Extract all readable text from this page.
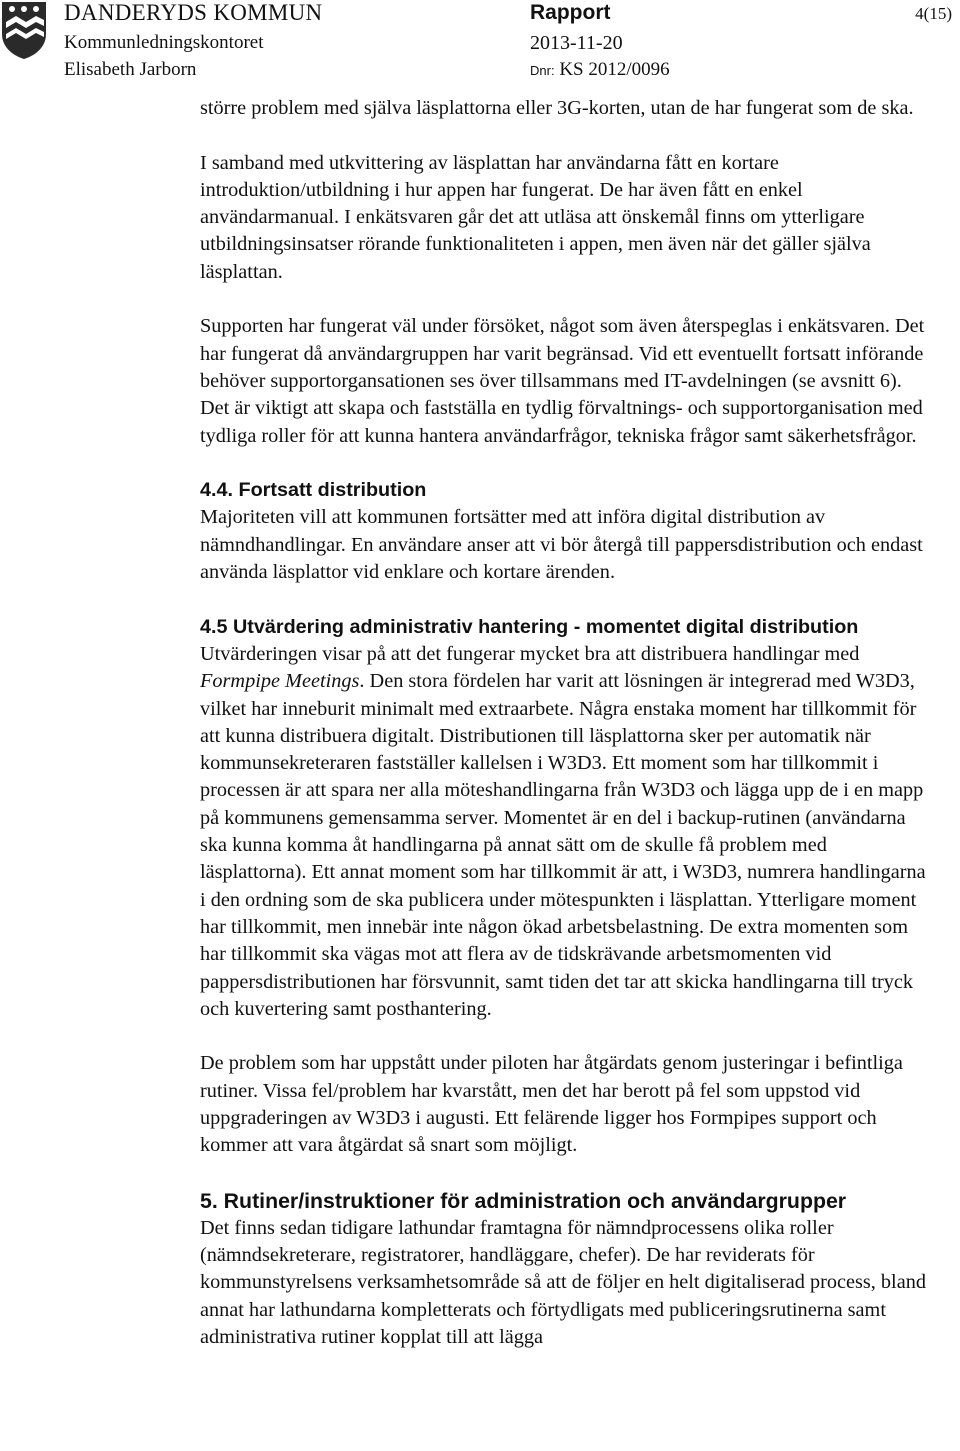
DANDERYDS KOMMUN
Kommunledningskontoret
Elisabeth Jarborn
Rapport
2013-11-20
Dnr: KS 2012/0096
4(15)

större problem med själva läsplattorna eller 3G-korten, utan de har fungerat som de ska.

I samband med utkvittering av läsplattan har användarna fått en kortare introduktion/utbildning i hur appen har fungerat. De har även fått en enkel användarmanual. I enkätsvaren går det att utläsa att önskemål finns om ytterligare utbildningsinsatser rörande funktionaliteten i appen, men även när det gäller själva läsplattan.

Supporten har fungerat väl under försöket, något som även återspeglas i enkätsvaren. Det har fungerat då användargruppen har varit begränsad. Vid ett eventuellt fortsatt införande behöver supportorgansationen ses över tillsammans med IT-avdelningen (se avsnitt 6). Det är viktigt att skapa och fastställa en tydlig förvaltnings- och supportorganisation med tydliga roller för att kunna hantera användarfrågor, tekniska frågor samt säkerhetsfrågor.

4.4. Fortsatt distribution

Majoriteten vill att kommunen fortsätter med att införa digital distribution av nämndhandlingar. En användare anser att vi bör återgå till pappersdistribution och endast använda läsplattor vid enklare och kortare ärenden.

4.5 Utvärdering administrativ hantering - momentet digital distribution

Utvärderingen visar på att det fungerar mycket bra att distribuera handlingar med Formpipe Meetings. Den stora fördelen har varit att lösningen är integrerad med W3D3, vilket har inneburit minimalt med extraarbete. Några enstaka moment har tillkommit för att kunna distribuera digitalt. Distributionen till läsplattorna sker per automatik när kommunsekreteraren fastställer kallelsen i W3D3. Ett moment som har tillkommit i processen är att spara ner alla möteshandlingarna från W3D3 och lägga upp de i en mapp på kommunens gemensamma server. Momentet är en del i backup-rutinen (användarna ska kunna komma åt handlingarna på annat sätt om de skulle få problem med läsplattorna). Ett annat moment som har tillkommit är att, i W3D3, numrera handlingarna i den ordning som de ska publicera under mötespunkten i läsplattan. Ytterligare moment har tillkommit, men innebär inte någon ökad arbetsbelastning. De extra momenten som har tillkommit ska vägas mot att flera av de tidskrävande arbetsmomenten vid pappersdistributionen har försvunnit, samt tiden det tar att skicka handlingarna till tryck och kuvertering samt posthantering.

De problem som har uppstått under piloten har åtgärdats genom justeringar i befintliga rutiner. Vissa fel/problem har kvarstått, men det har berott på fel som uppstod vid uppgraderingen av W3D3 i augusti. Ett felärende ligger hos Formpipes support och kommer att vara åtgärdat så snart som möjligt.

5. Rutiner/instruktioner för administration och användargrupper

Det finns sedan tidigare lathundar framtagna för nämndprocessens olika roller (nämndsekreterare, registratorer, handläggare, chefer). De har reviderats för kommunstyrelsens verksamhetsområde så att de följer en helt digitaliserad process, bland annat har lathundarna kompletterats och förtydligats med publiceringsrutinerna samt administrativa rutiner kopplat till att lägga
